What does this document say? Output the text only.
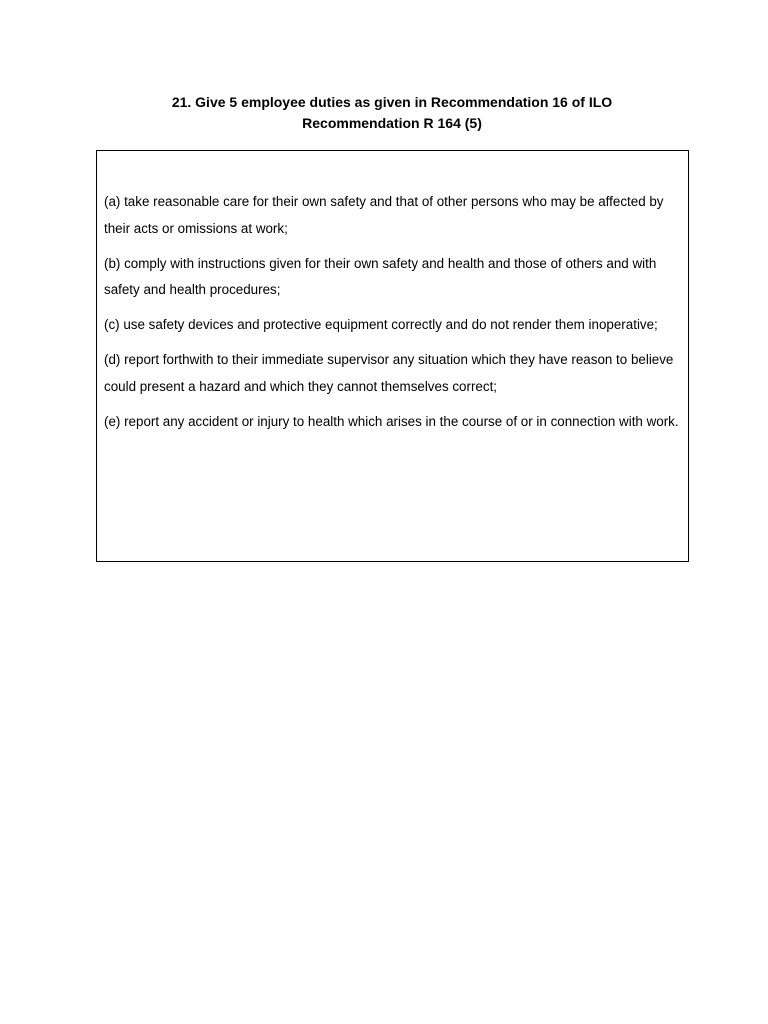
21. Give 5 employee duties as given in Recommendation 16 of ILO
Recommendation R 164 (5)
(a) take reasonable care for their own safety and that of other persons who may be affected by their acts or omissions at work;
(b) comply with instructions given for their own safety and health and those of others and with safety and health procedures;
(c) use safety devices and protective equipment correctly and do not render them inoperative;
(d) report forthwith to their immediate supervisor any situation which they have reason to believe could present a hazard and which they cannot themselves correct;
(e) report any accident or injury to health which arises in the course of or in connection with work.
